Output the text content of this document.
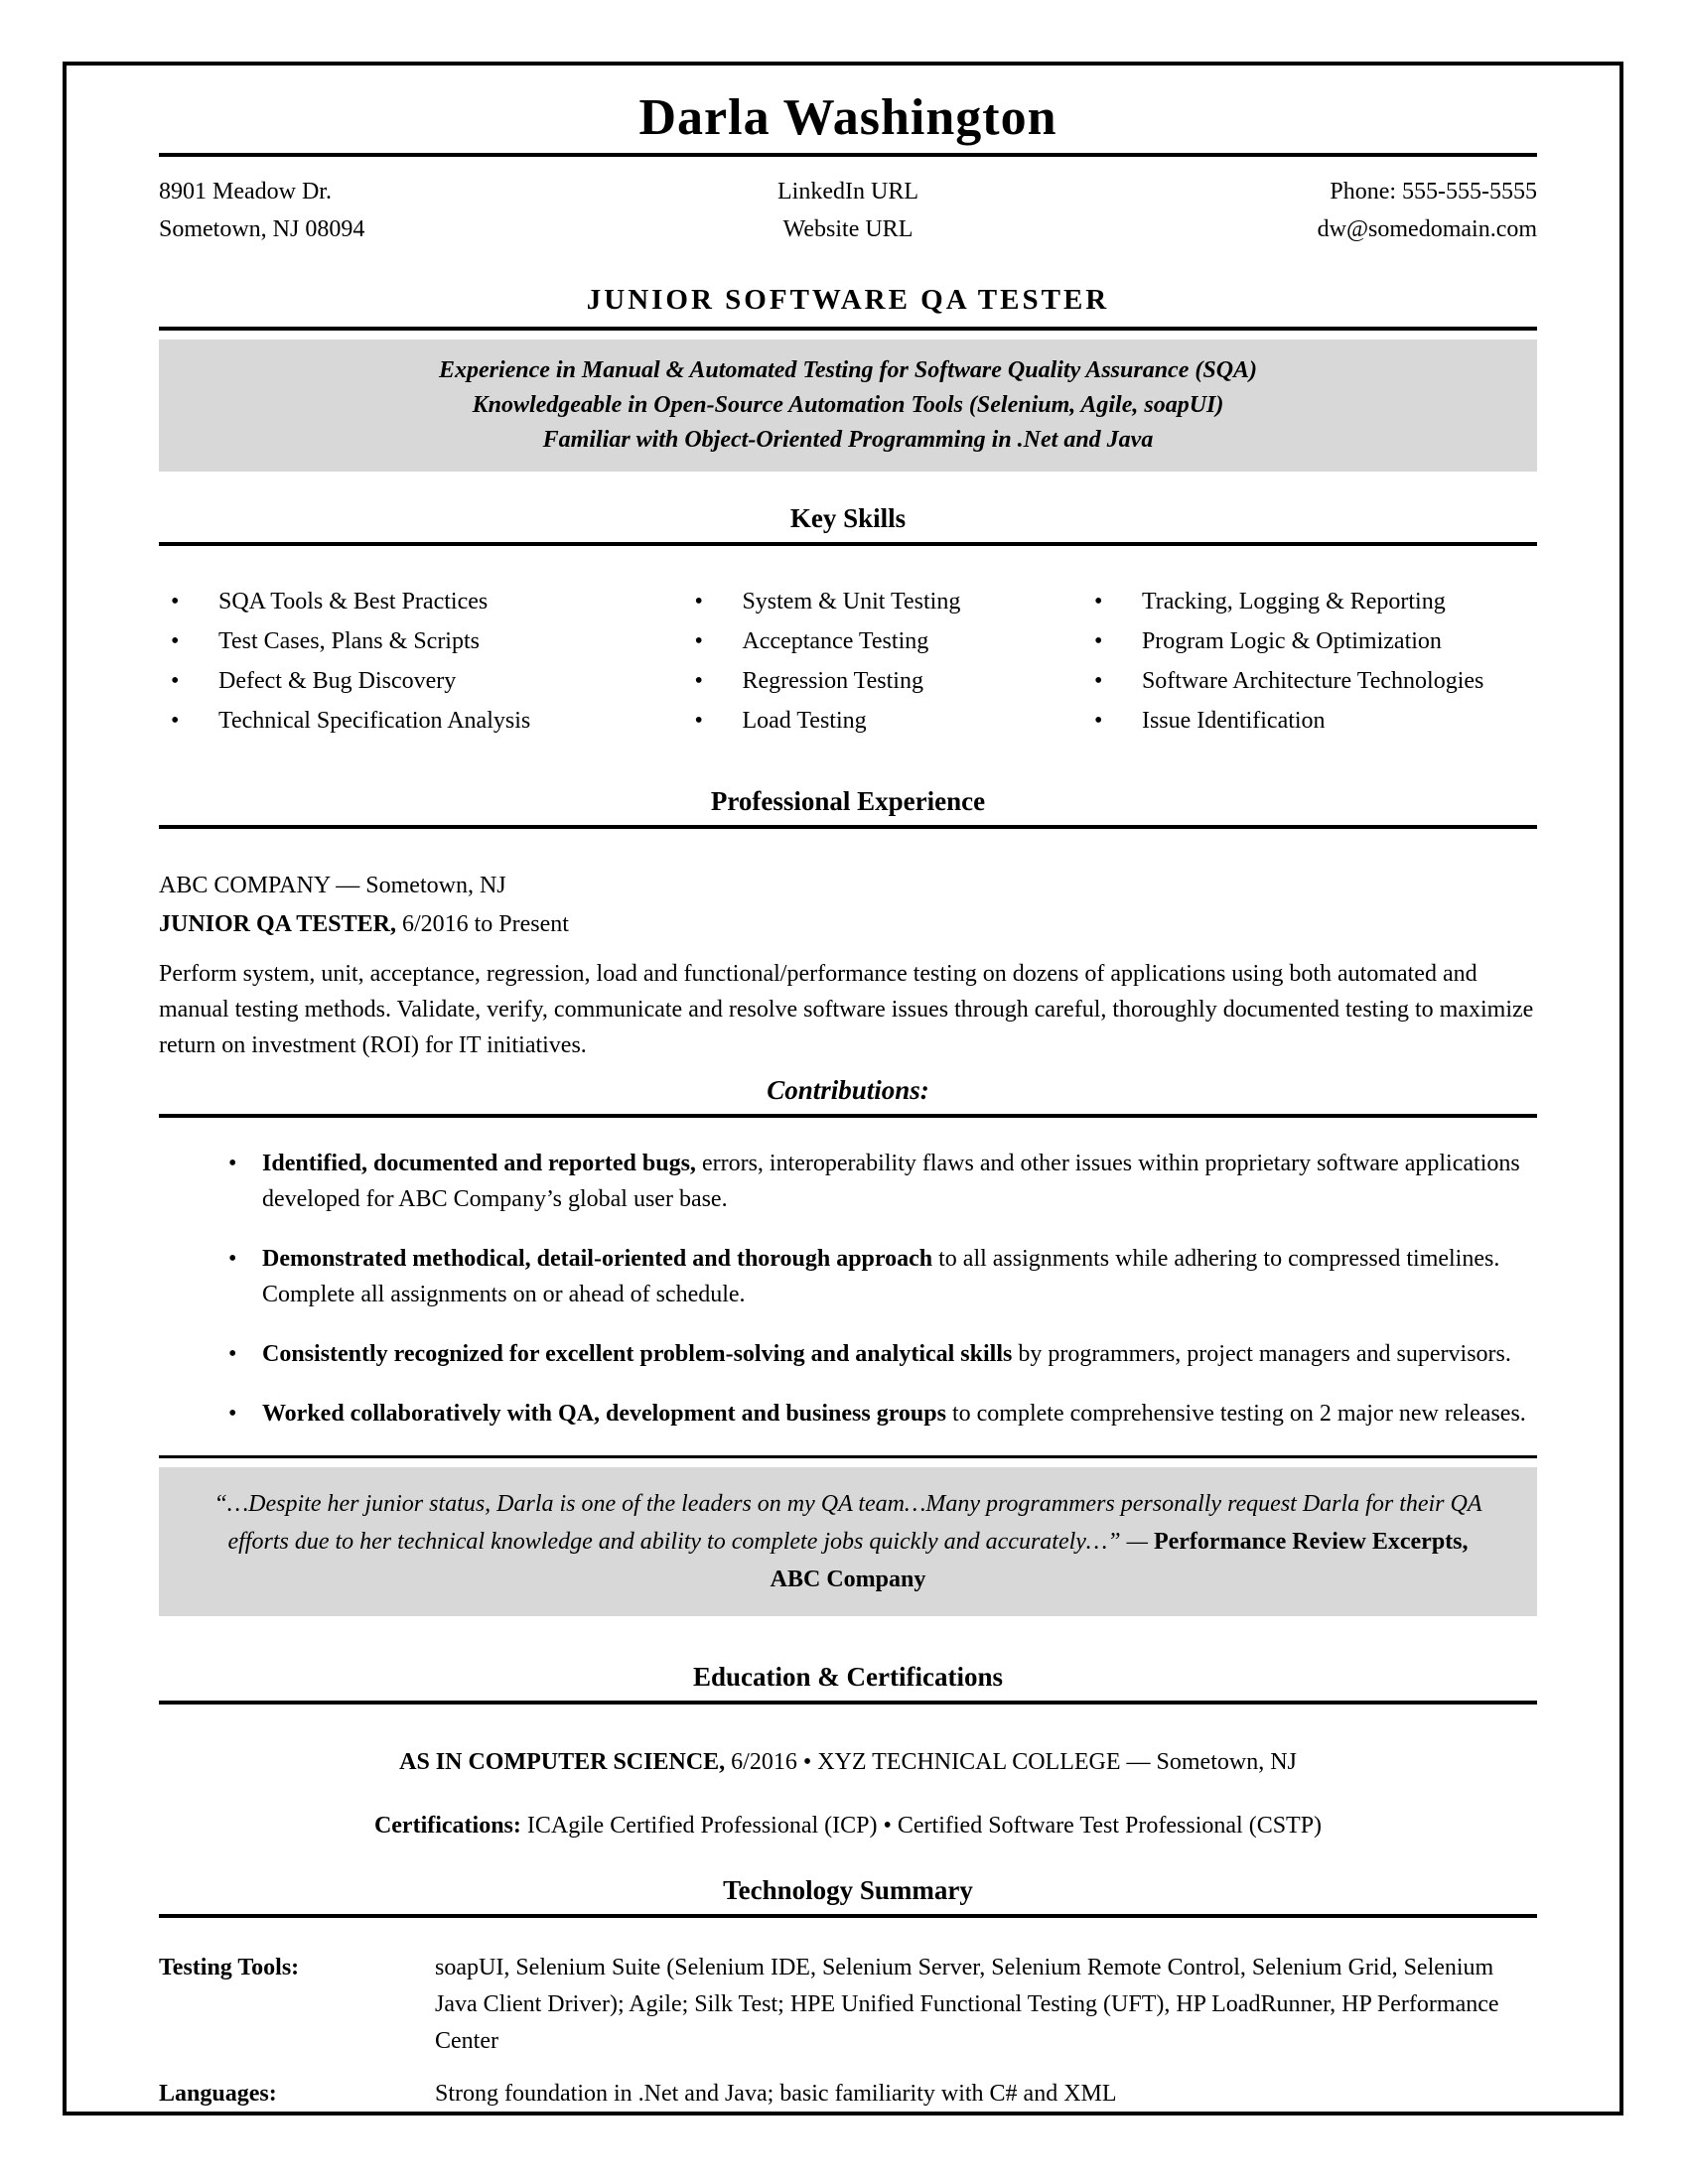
Darla Washington
8901 Meadow Dr.
Sometown, NJ 08094
LinkedIn URL
Website URL
Phone: 555-555-5555
dw@somedomain.com
JUNIOR SOFTWARE QA TESTER
Experience in Manual & Automated Testing for Software Quality Assurance (SQA)
Knowledgeable in Open-Source Automation Tools (Selenium, Agile, soapUI)
Familiar with Object-Oriented Programming in .Net and Java
Key Skills
•	SQA Tools & Best Practices
•	Test Cases, Plans & Scripts
•	Defect & Bug Discovery
•	Technical Specification Analysis
•	System & Unit Testing
•	Acceptance Testing
•	Regression Testing
•	Load Testing
•	Tracking, Logging & Reporting
•	Program Logic & Optimization
•	Software Architecture Technologies
•	Issue Identification
Professional Experience
ABC COMPANY — Sometown, NJ
JUNIOR QA TESTER, 6/2016 to Present
Perform system, unit, acceptance, regression, load and functional/performance testing on dozens of applications using both automated and manual testing methods. Validate, verify, communicate and resolve software issues through careful, thoroughly documented testing to maximize return on investment (ROI) for IT initiatives.
Contributions:
•	Identified, documented and reported bugs, errors, interoperability flaws and other issues within proprietary software applications developed for ABC Company’s global user base.
•	Demonstrated methodical, detail-oriented and thorough approach to all assignments while adhering to compressed timelines. Complete all assignments on or ahead of schedule.
•	Consistently recognized for excellent problem-solving and analytical skills by programmers, project managers and supervisors.
•	Worked collaboratively with QA, development and business groups to complete comprehensive testing on 2 major new releases.
“…Despite her junior status, Darla is one of the leaders on my QA team…Many programmers personally request Darla for their QA efforts due to her technical knowledge and ability to complete jobs quickly and accurately…” — Performance Review Excerpts, ABC Company
Education & Certifications
AS IN COMPUTER SCIENCE, 6/2016 • XYZ TECHNICAL COLLEGE — Sometown, NJ
Certifications: ICAgile Certified Professional (ICP) • Certified Software Test Professional (CSTP)
Technology Summary
Testing Tools:	soapUI, Selenium Suite (Selenium IDE, Selenium Server, Selenium Remote Control, Selenium Grid, Selenium Java Client Driver); Agile; Silk Test; HPE Unified Functional Testing (UFT), HP LoadRunner, HP Performance Center
Languages:	Strong foundation in .Net and Java; basic familiarity with C# and XML
